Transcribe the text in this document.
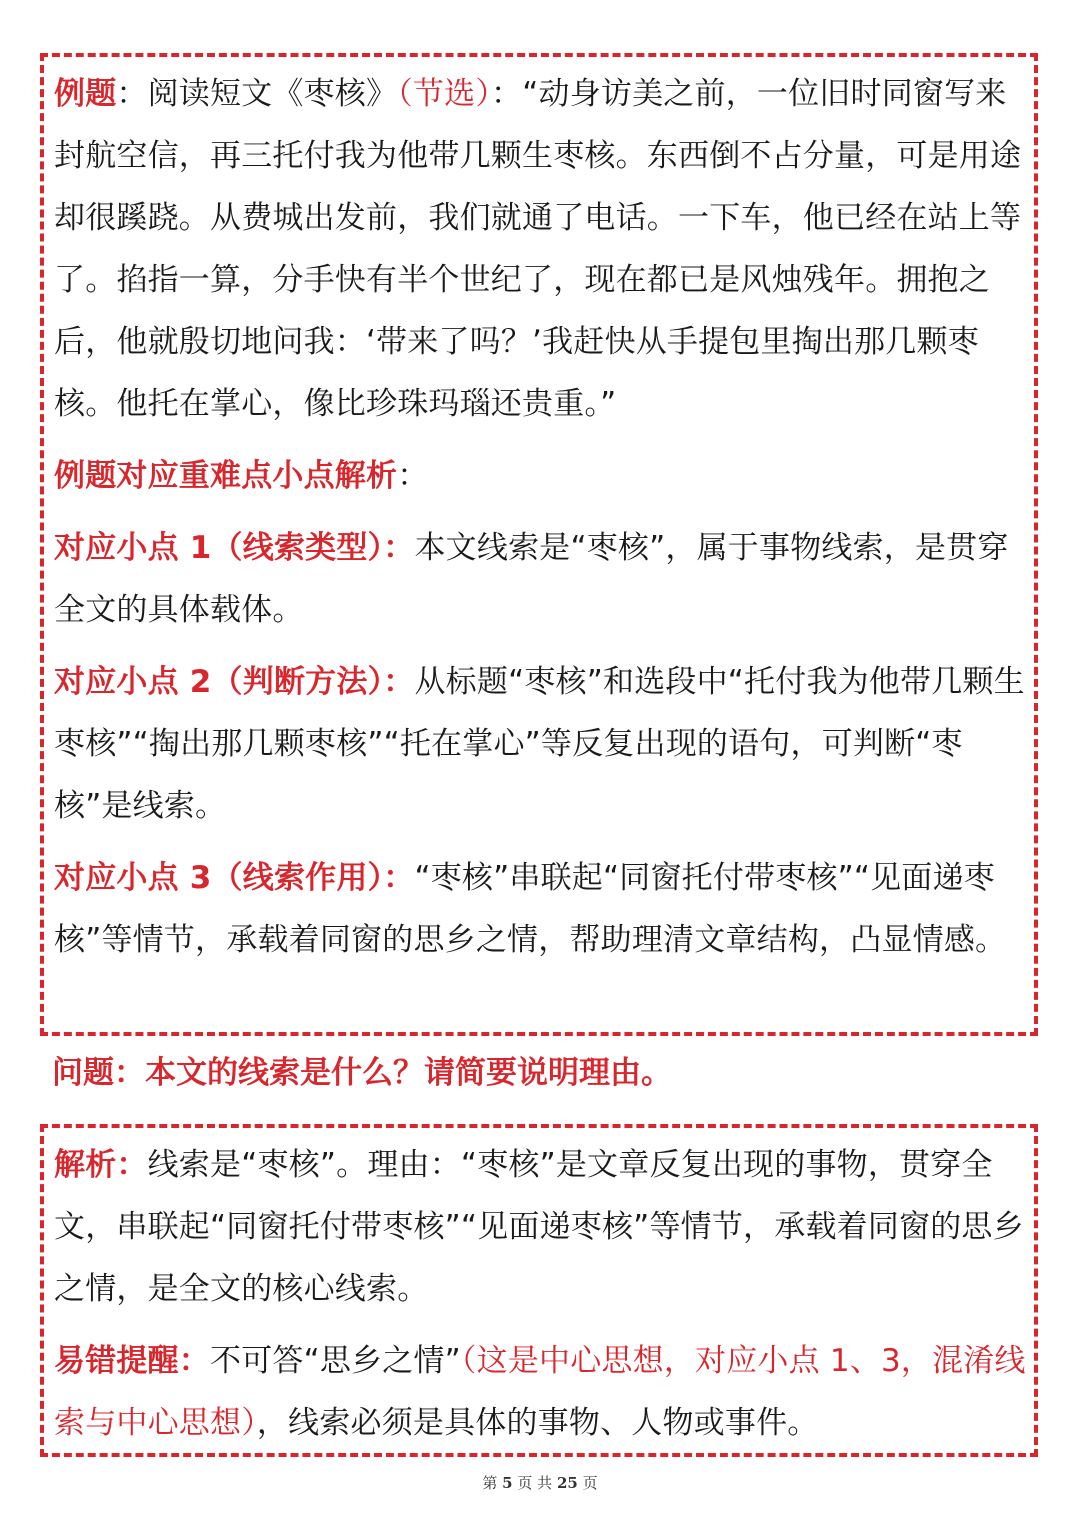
例题：阅读短文《枣核》（节选）：“动身访美之前，一位旧时同窗写来封航空信，再三托付我为他带几颗生枣核。东西倒不占分量，可是用途却很蹊跷。从费城出发前，我们就通了电话。一下车，他已经在站上等了。掐指一算，分手快有半个世纪了，现在都已是风烛残年。拥抱之后，他就殷切地问我：‘带来了吗？’我赶快从手提包里掏出那几颗枣核。他托在掌心，像比珍珠玛瑙还贵重。”

例题对应重难点小点解析：

对应小点 1（线索类型）：本文线索是“枣核”，属于事物线索，是贯穿全文的具体载体。

对应小点 2（判断方法）：从标题“枣核”和选段中“托付我为他带几颗生枣核”“掏出那几颗枣核”“托在掌心”等反复出现的语句，可判断“枣核”是线索。

对应小点 3（线索作用）：“枣核”串联起“同窗托付带枣核”“见面递枣核”等情节，承载着同窗的思乡之情，帮助理清文章结构，凸显情感。

问题：本文的线索是什么？请简要说明理由。

解析：线索是“枣核”。理由：“枣核”是文章反复出现的事物，贯穿全文，串联起“同窗托付带枣核”“见面递枣核”等情节，承载着同窗的思乡之情，是全文的核心线索。

易错提醒：不可答“思乡之情”（这是中心思想，对应小点 1、3，混淆线索与中心思想），线索必须是具体的事物、人物或事件。

第 5 页 共 25 页
